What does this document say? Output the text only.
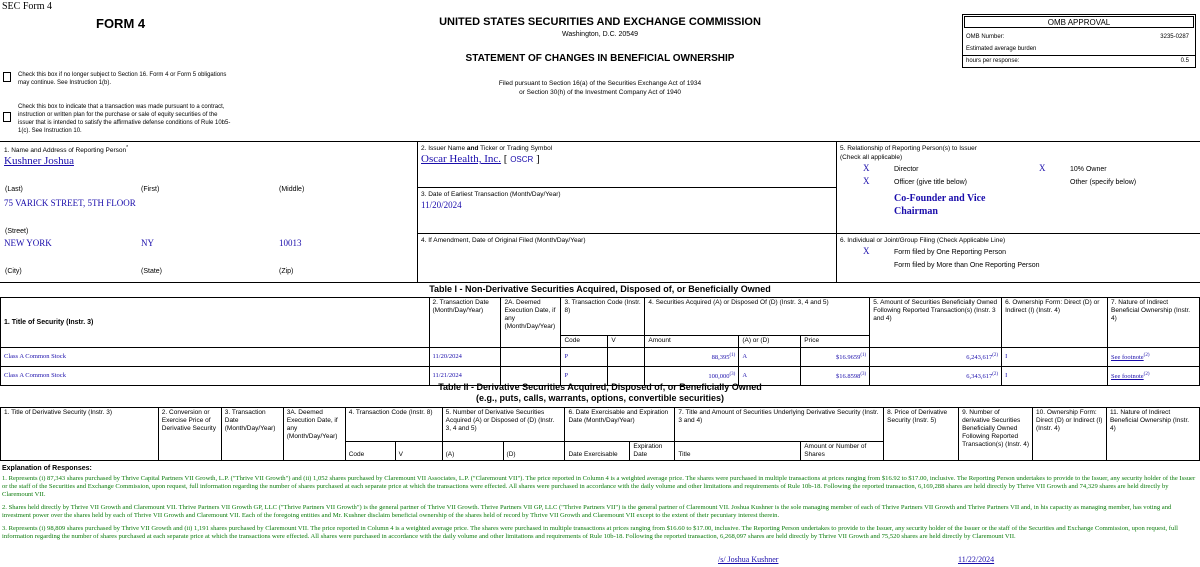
SEC Form 4
FORM 4	UNITED STATES SECURITIES AND EXCHANGE COMMISSION
Washington, D.C. 20549
STATEMENT OF CHANGES IN BENEFICIAL OWNERSHIP
Filed pursuant to Section 16(a) of the Securities Exchange Act of 1934
or Section 30(h) of the Investment Company Act of 1940
Check this box if no longer subject to Section 16. Form 4 or Form 5 obligations may continue. See Instruction 1(b).
Check this box to indicate that a transaction was made pursuant to a contract, instruction or written plan for the purchase or sale of equity securities of the issuer that is intended to satisfy the affirmative defense conditions of Rule 10b5-1(c). See Instruction 10.
OMB APPROVAL
OMB Number:	3235-0287
Estimated average burden
hours per response:	0.5
1. Name and Address of Reporting Person*
Kushner Joshua
(Last)	(First)	(Middle)
75 VARICK STREET, 5TH FLOOR
(Street)
NEW YORK	NY	10013
(City)	(State)	(Zip)
2. Issuer Name and Ticker or Trading Symbol
Oscar Health, Inc. [ OSCR ]
3. Date of Earliest Transaction (Month/Day/Year)
11/20/2024
4. If Amendment, Date of Original Filed (Month/Day/Year)
5. Relationship of Reporting Person(s) to Issuer
(Check all applicable)
X	Director	X	10% Owner
X	Officer (give title below)	Other (specify below)
Co-Founder and Vice Chairman
6. Individual or Joint/Group Filing (Check Applicable Line)
X	Form filed by One Reporting Person
Form filed by More than One Reporting Person
Table I - Non-Derivative Securities Acquired, Disposed of, or Beneficially Owned
1. Title of Security (Instr. 3)	2. Transaction Date (Month/Day/Year)	2A. Deemed Execution Date, if any (Month/Day/Year)	3. Transaction Code (Instr. 8)		4. Securities Acquired (A) or Disposed Of (D) (Instr. 3, 4 and 5)			5. Amount of Securities Beneficially Owned Following Reported Transaction(s) (Instr. 3 and 4)	6. Ownership Form: Direct (D) or Indirect (I) (Instr. 4)	7. Nature of Indirect Beneficial Ownership (Instr. 4)
			Code	V	Amount	(A) or (D)	Price			
Class A Common Stock	11/20/2024		P		88,395$^{(1)}$	A	$16.9659$^{(1)}$	6,243,617$^{(2)}$	I	See footnote$^{(2)}$
Class A Common Stock	11/21/2024		P		100,000$^{(3)}$	A	$16.8598$^{(3)}$	6,343,617$^{(2)}$	I	See footnote$^{(2)}$
Table II - Derivative Securities Acquired, Disposed of, or Beneficially Owned
(e.g., puts, calls, warrants, options, convertible securities)
1. Title of Derivative Security (Instr. 3)	2. Conversion or Exercise Price of Derivative Security	3. Transaction Date (Month/Day/Year)	3A. Deemed Execution Date, if any (Month/Day/Year)	4. Transaction Code (Instr. 8)		5. Number of Derivative Securities Acquired (A) or Disposed of (D) (Instr. 3, 4 and 5)		6. Date Exercisable and Expiration Date (Month/Day/Year)		7. Title and Amount of Securities Underlying Derivative Security (Instr. 3 and 4)		8. Price of Derivative Security (Instr. 5)	9. Number of derivative Securities Beneficially Owned Following Reported Transaction(s) (Instr. 4)	10. Ownership Form: Direct (D) or Indirect (I) (Instr. 4)	11. Nature of Indirect Beneficial Ownership (Instr. 4)
				Code	V	(A)	(D)	Date Exercisable	Expiration Date	Title	Amount or Number of Shares				
Explanation of Responses:
1. Represents (i) 87,343 shares purchased by Thrive Capital Partners VII Growth, L.P. ("Thrive VII Growth") and (ii) 1,052 shares purchased by Claremount VII Associates, L.P. ("Claremount VII"). The price reported in Column 4 is a weighted average price. The shares were purchased in multiple transactions at prices ranging from $16.92 to $17.00, inclusive. The Reporting Person undertakes to provide to the Issuer, any security holder of the Issuer or the staff of the Securities and Exchange Commission, upon request, full information regarding the number of shares purchased at each separate price at which the transactions were effected. All shares were purchased in accordance with the daily volume and other limitations and requirements of Rule 10b-18. Following the reported transaction, 6,169,288 shares are held directly by Thrive VII Growth and 74,329 shares are held directly by Claremount VII.
2. Shares held directly by Thrive VII Growth and Claremount VII. Thrive Partners VII Growth GP, LLC ("Thrive Partners VII Growth") is the general partner of Thrive VII Growth. Thrive Partners VII GP, LLC ("Thrive Partners VII") is the general partner of Claremount VII. Joshua Kushner is the sole managing member of each of Thrive Partners VII Growth and Thrive Partners VII and, in his capacity as managing member, has voting and investment power over the shares held by each of Thrive VII Growth and Claremount VII. Each of the foregoing entities and Mr. Kushner disclaim beneficial ownership of the shares held of record by Thrive VII Growth and Claremount VII except to the extent of their pecuniary interest therein.
3. Represents (i) 98,809 shares purchased by Thrive VII Growth and (ii) 1,191 shares purchased by Claremount VII. The price reported in Column 4 is a weighted average price. The shares were purchased in multiple transactions at prices ranging from $16.60 to $17.00, inclusive. The Reporting Person undertakes to provide to the Issuer, any security holder of the Issuer or the staff of the Securities and Exchange Commission, upon request, full information regarding the number of shares purchased at each separate price at which the transactions were effected. All shares were purchased in accordance with the daily volume and other limitations and requirements of Rule 10b-18. Following the reported transaction, 6,268,097 shares are held directly by Thrive VII Growth and 75,520 shares are held directly by Claremount VII.
/s/ Joshua Kushner	11/22/2024
